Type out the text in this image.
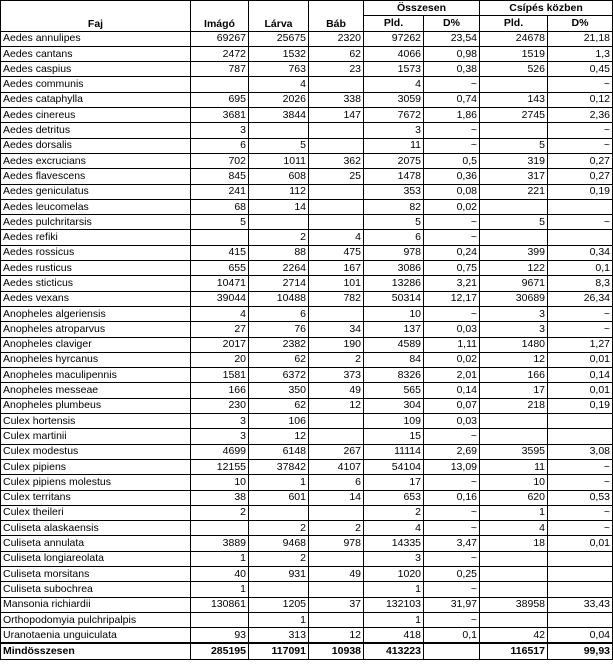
Faj	Imágó	Lárva	Báb	Összesen		Csípés közben	
				Pld.	D%	Pld.	D%
Aedes annulipes	69267	25675	2320	97262	23,54	24678	21,18
Aedes cantans	2472	1532	62	4066	0,98	1519	1,3
Aedes caspius	787	763	23	1573	0,38	526	0,45
Aedes communis		4		4	~		~
Aedes cataphylla	695	2026	338	3059	0,74	143	0,12
Aedes cinereus	3681	3844	147	7672	1,86	2745	2,36
Aedes detritus	3			3	~		~
Aedes dorsalis	6	5		11	~	5	~
Aedes excrucians	702	1011	362	2075	0,5	319	0,27
Aedes flavescens	845	608	25	1478	0,36	317	0,27
Aedes geniculatus	241	112		353	0,08	221	0,19
Aedes leucomelas	68	14		82	0,02		
Aedes pulchritarsis	5			5	~	5	~
Aedes refiki		2	4	6	~		
Aedes rossicus	415	88	475	978	0,24	399	0,34
Aedes rusticus	655	2264	167	3086	0,75	122	0,1
Aedes sticticus	10471	2714	101	13286	3,21	9671	8,3
Aedes vexans	39044	10488	782	50314	12,17	30689	26,34
Anopheles algeriensis	4	6		10	~	3	~
Anopheles atroparvus	27	76	34	137	0,03	3	~
Anopheles claviger	2017	2382	190	4589	1,11	1480	1,27
Anopheles hyrcanus	20	62	2	84	0,02	12	0,01
Anopheles maculipennis	1581	6372	373	8326	2,01	166	0,14
Anopheles messeae	166	350	49	565	0,14	17	0,01
Anopheles plumbeus	230	62	12	304	0,07	218	0,19
Culex hortensis	3	106		109	0,03		
Culex martinii	3	12		15	~		
Culex modestus	4699	6148	267	11114	2,69	3595	3,08
Culex pipiens	12155	37842	4107	54104	13,09	11	~
Culex pipiens molestus	10	1	6	17	~	10	~
Culex territans	38	601	14	653	0,16	620	0,53
Culex theileri	2			2	~	1	~
Culiseta alaskaensis		2	2	4	~	4	~
Culiseta annulata	3889	9468	978	14335	3,47	18	0,01
Culiseta longiareolata	1	2		3	~		
Culiseta morsitans	40	931	49	1020	0,25		
Culiseta subochrea	1			1	~		
Mansonia richiardii	130861	1205	37	132103	31,97	38958	33,43
Orthopodomyia pulchripalpis		1		1	~		
Uranotaenia unguiculata	93	313	12	418	0,1	42	0,04
Mindösszesen	285195	117091	10938	413223		116517	99,93
